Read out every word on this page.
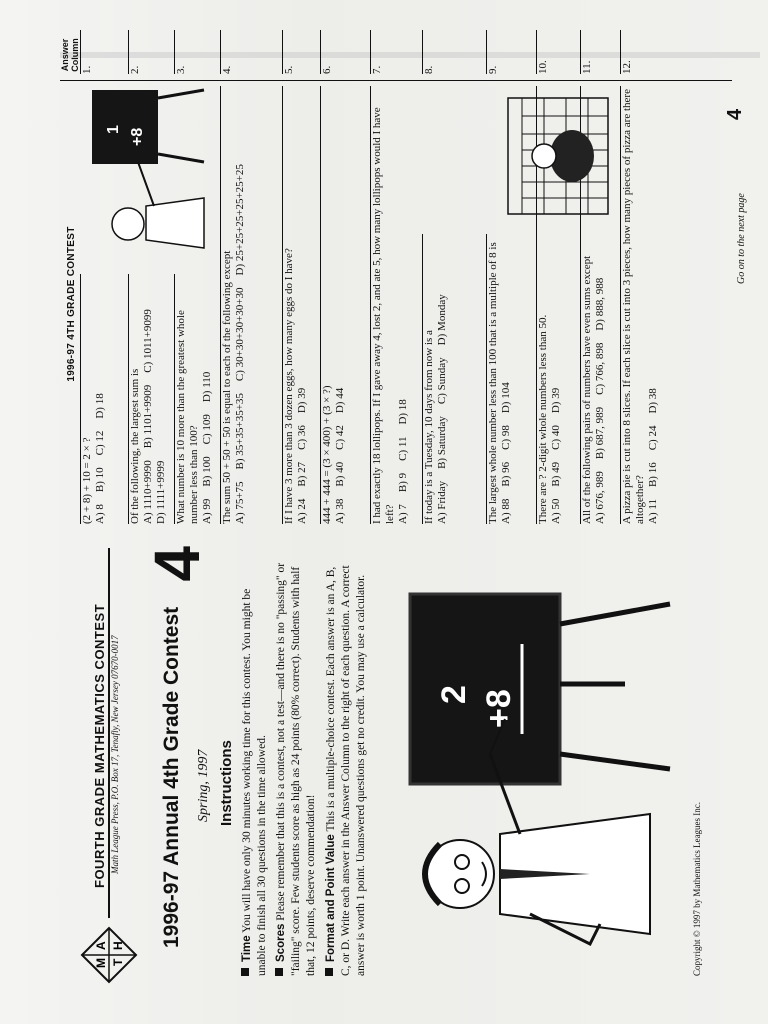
M
A
T
H
FOURTH GRADE MATHEMATICS CONTEST Math League Press, P.O. Box 17, Tenafly, New Jersey 07670-0017 1996-97 Annual 4th Grade Contest
4
Spring, 1997 Instructions
Time You will have only 30 minutes working time for this contest. You might be unable to finish all 30 questions in the time allowed. Scores Please remember that this is a contest, not a test—and there is no "passing" or "failing" score. Few students score as high as 24 points (80% correct). Students with half that, 12 points, deserve commendation! Format and Point Value This is a multiple-choice contest. Each answer is an A, B, C, or D. Write each answer in the Answer Column to the right of each question. A correct answer is worth 1 point. Unanswered questions get no credit. You may use a calculator. 2 +8
Copyright © 1997 by Mathematics Leagues Inc.
1996-97 4TH GRADE CONTEST
Answer Column
1 +8
(2 + 8) + 10 = 2 × ? A) 8B) 10C) 12D) 18 Of the following, the largest sum is A) 1110+9990B) 1101+9909C) 1011+9099D) 1111+9999 What number is 10 more than the greatest whole number less than 100? A) 99B) 100C) 109D) 110 The sum 50 + 50 + 50 is equal to each of the following except A) 75+75B) 35+35+35+35C) 30+30+30+30+30D) 25+25+25+25+25+25
If I have 3 more than 3 dozen eggs, how many eggs do I have? A) 24B) 27C) 36D) 39 444 + 444 = (3 × 400) + (3 × ?) A) 38B) 40C) 42D) 44 I had exactly 18 lollipops. If I gave away 4, lost 2, and ate 5, how many lollipops would I have left? A) 7B) 9C) 11D) 18 If today is a Tuesday, 10 days from now is a A) FridayB) SaturdayC) SundayD) Monday	The largest whole number less than 100 that is a multiple of 8 is A) 88B) 96C) 98D) 104 There are ? 2-digit whole numbers less than 50. A) 50B) 49C) 40D) 39 All of the following pairs of numbers have even sums except A) 676, 989B) 687, 989C) 766, 898D) 888, 988 A pizza pie is cut into 8 slices. If each slice is cut into 3 pieces, how many pieces of pizza are there altogether? A) 11B) 16C) 24D) 38
Go on to the next page
4
1.	2.	3.	4.	5.	6.	7.	8.	9.	10.	11.	12.
